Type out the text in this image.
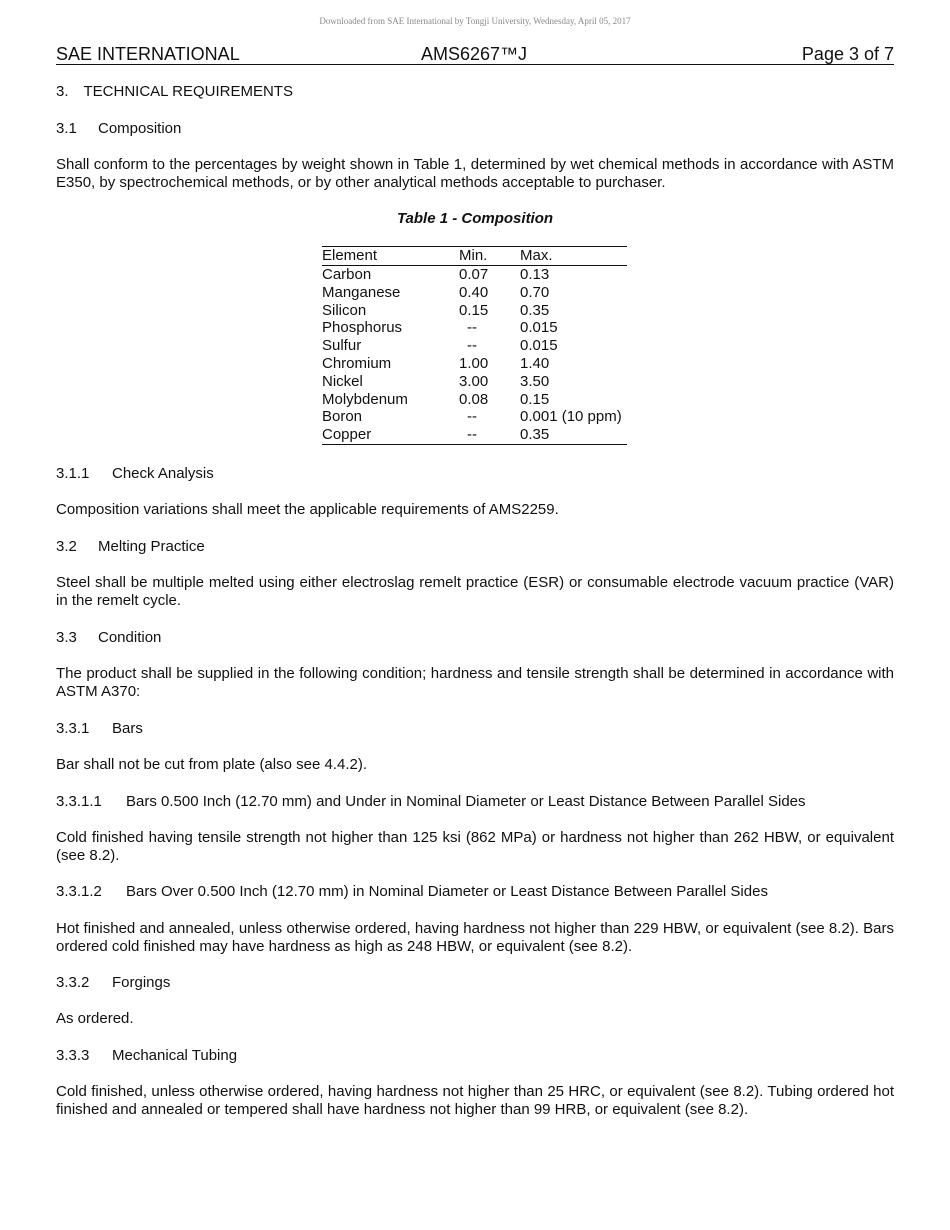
Downloaded from SAE International by Tongji University, Wednesday, April 05, 2017
SAE INTERNATIONAL	AMS6267™J	Page 3 of 7
3. TECHNICAL REQUIREMENTS
3.1 Composition
Shall conform to the percentages by weight shown in Table 1, determined by wet chemical methods in accordance with ASTM E350, by spectrochemical methods, or by other analytical methods acceptable to purchaser.
Table 1 - Composition
Element	Min.	Max.
Carbon	0.07	0.13
Manganese	0.40	0.70
Silicon	0.15	0.35
Phosphorus	--	0.015
Sulfur	--	0.015
Chromium	1.00	1.40
Nickel	3.00	3.50
Molybdenum	0.08	0.15
Boron	--	0.001 (10 ppm)
Copper	--	0.35
3.1.1 Check Analysis
Composition variations shall meet the applicable requirements of AMS2259.
3.2 Melting Practice
Steel shall be multiple melted using either electroslag remelt practice (ESR) or consumable electrode vacuum practice (VAR) in the remelt cycle.
3.3 Condition
The product shall be supplied in the following condition; hardness and tensile strength shall be determined in accordance with ASTM A370:
3.3.1 Bars
Bar shall not be cut from plate (also see 4.4.2).
3.3.1.1 Bars 0.500 Inch (12.70 mm) and Under in Nominal Diameter or Least Distance Between Parallel Sides
Cold finished having tensile strength not higher than 125 ksi (862 MPa) or hardness not higher than 262 HBW, or equivalent (see 8.2).
3.3.1.2 Bars Over 0.500 Inch (12.70 mm) in Nominal Diameter or Least Distance Between Parallel Sides
Hot finished and annealed, unless otherwise ordered, having hardness not higher than 229 HBW, or equivalent (see 8.2). Bars ordered cold finished may have hardness as high as 248 HBW, or equivalent (see 8.2).
3.3.2 Forgings
As ordered.
3.3.3 Mechanical Tubing
Cold finished, unless otherwise ordered, having hardness not higher than 25 HRC, or equivalent (see 8.2). Tubing ordered hot finished and annealed or tempered shall have hardness not higher than 99 HRB, or equivalent (see 8.2).
